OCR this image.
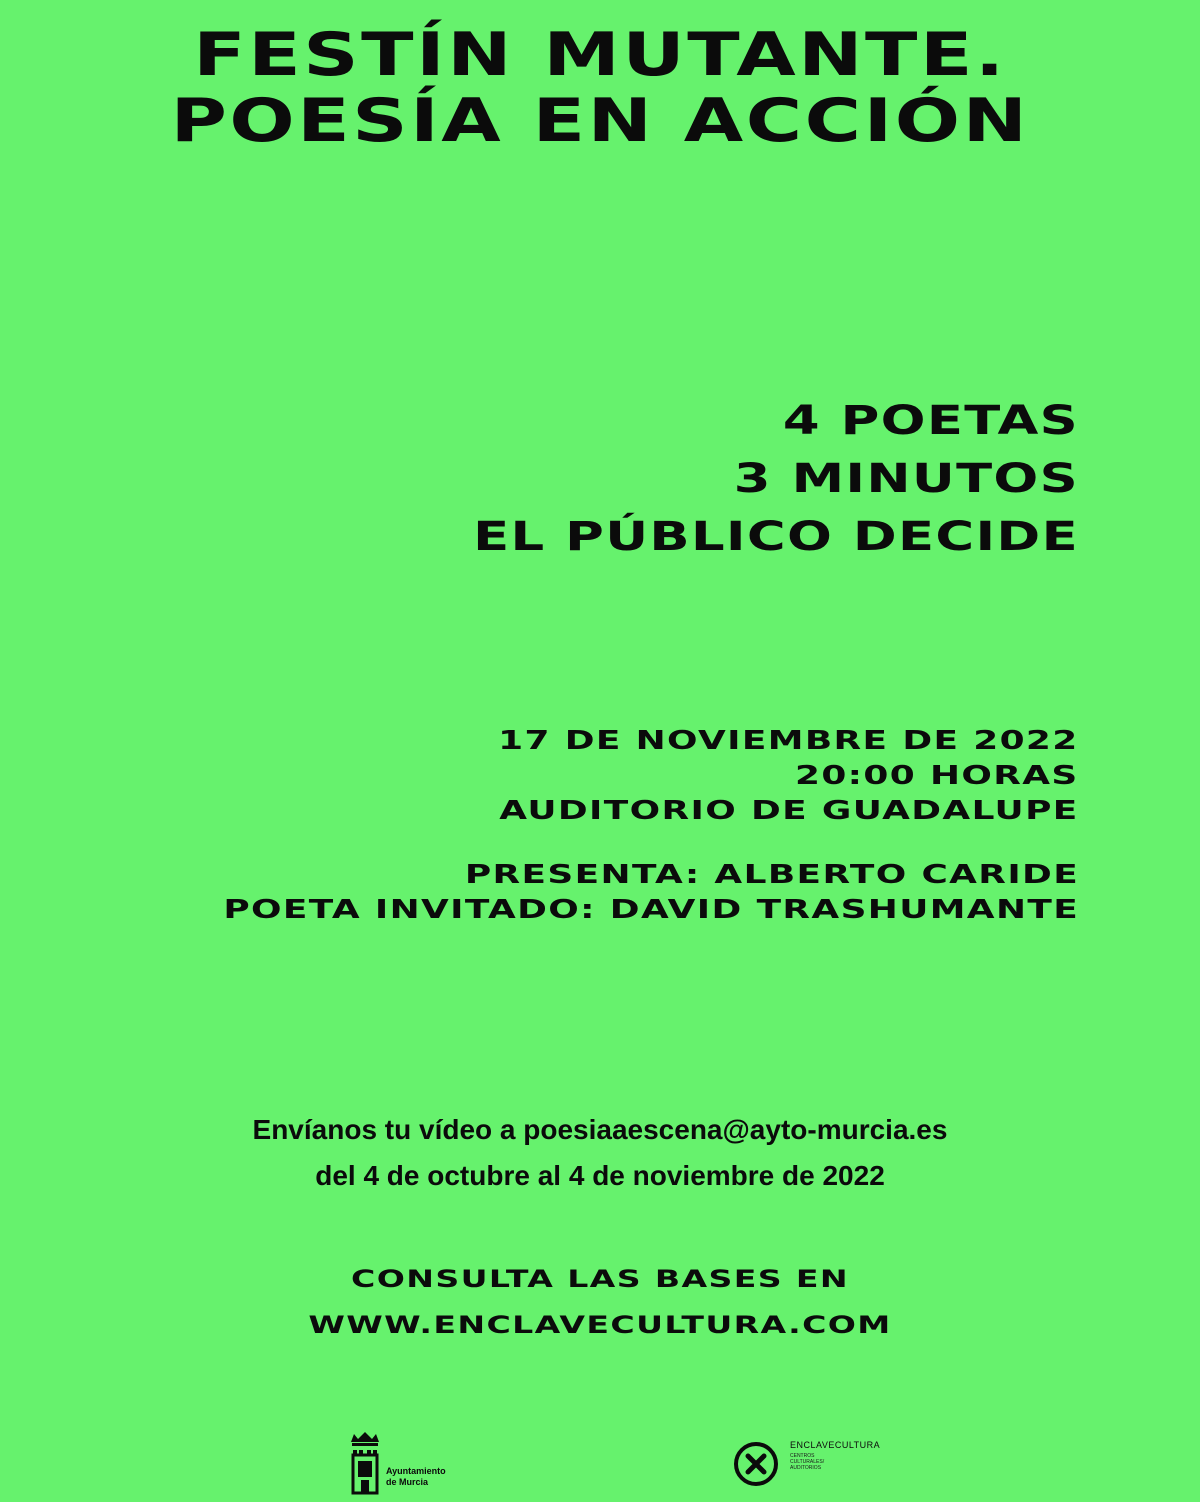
FESTÍN MUTANTE.
POESÍA EN ACCIÓN
4 POETAS
3 MINUTOS
EL PÚBLICO DECIDE
17 DE NOVIEMBRE DE 2022
20:00 HORAS
AUDITORIO DE GUADALUPE
PRESENTA: ALBERTO CARIDE
POETA INVITADO: DAVID TRASHUMANTE
Envíanos tu vídeo a poesiaaescena@ayto-murcia.es
del 4 de octubre al 4 de noviembre de 2022
CONSULTA LAS BASES EN
WWW.ENCLAVECULTURA.COM
Ayuntamiento
de Murcia
ENCLAVECULTURA
CENTROS
CULTURALES/
AUDITORIOS
